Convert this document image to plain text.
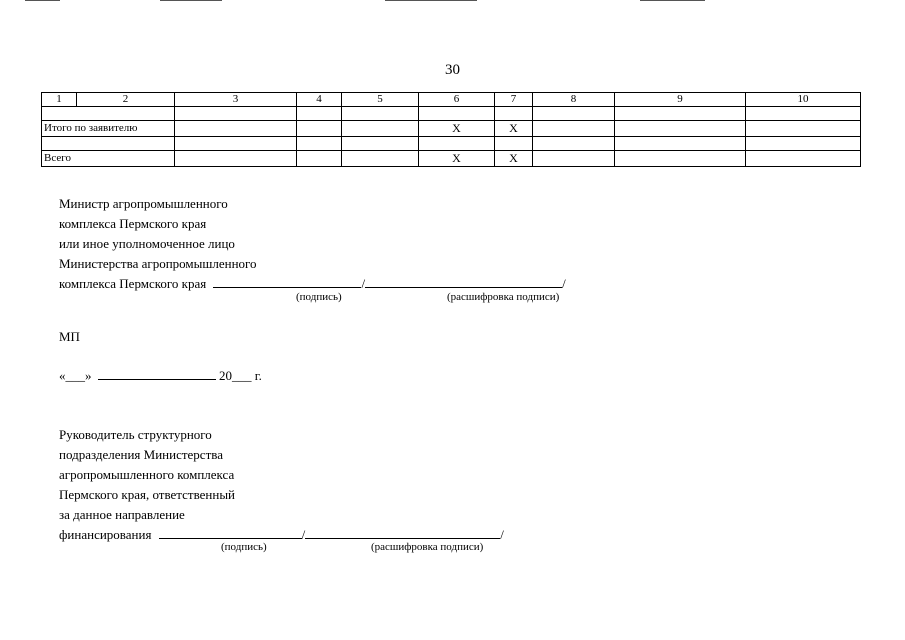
30
1	2	3	4	5	6	7	8	9	10

Итого по заявителю					Х	Х			

Всего					Х	Х			
Министр агропромышленного
комплекса Пермского края
или иное уполномоченное лицо
Министерства агропромышленного
комплекса Пермского края	/	/
(подпись)	(расшифровка подписи)
МП
«___»	20___ г.
Руководитель структурного
подразделения Министерства
агропромышленного комплекса
Пермского края, ответственный
за данное направление
финансирования	/	/
(подпись)	(расшифровка подписи)
